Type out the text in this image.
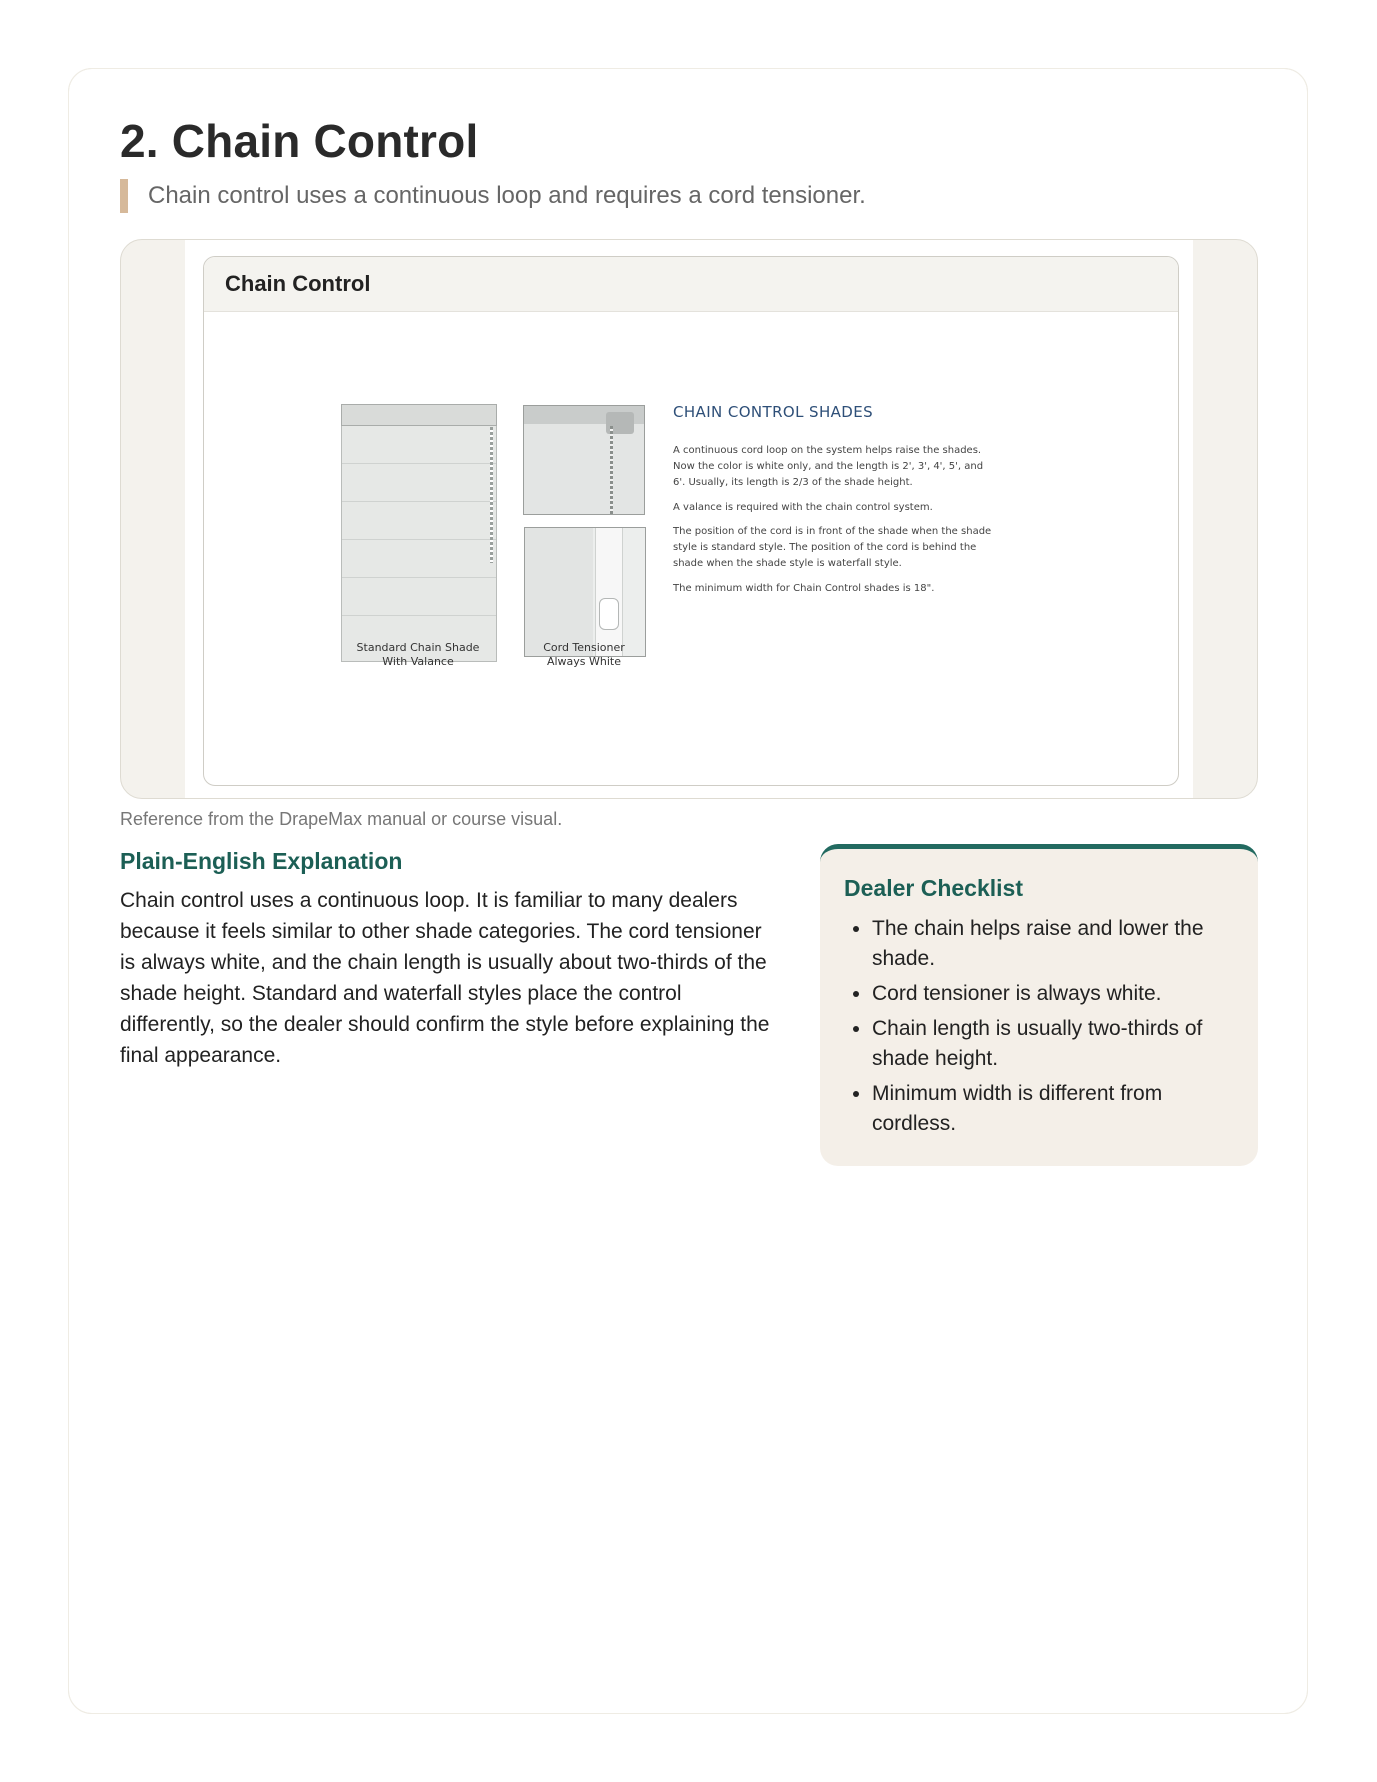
2. Chain Control
Chain control uses a continuous loop and requires a cord tensioner.
Chain Control
Standard Chain Shade
With Valance
Cord Tensioner
Always White
CHAIN CONTROL SHADES
A continuous cord loop on the system helps raise the shades. Now the color is white only, and the length is 2', 3', 4', 5', and 6'. Usually, its length is 2/3 of the shade height.
A valance is required with the chain control system.
The position of the cord is in front of the shade when the shade style is standard style. The position of the cord is behind the shade when the shade style is waterfall style.
The minimum width for Chain Control shades is 18".
Reference from the DrapeMax manual or course visual.
Plain-English Explanation
Chain control uses a continuous loop. It is familiar to many dealers because it feels similar to other shade categories. The cord tensioner is always white, and the chain length is usually about two-thirds of the shade height. Standard and waterfall styles place the control differently, so the dealer should confirm the style before explaining the final appearance.
Dealer Checklist
• The chain helps raise and lower the shade.
• Cord tensioner is always white.
• Chain length is usually two-thirds of shade height.
• Minimum width is different from cordless.
